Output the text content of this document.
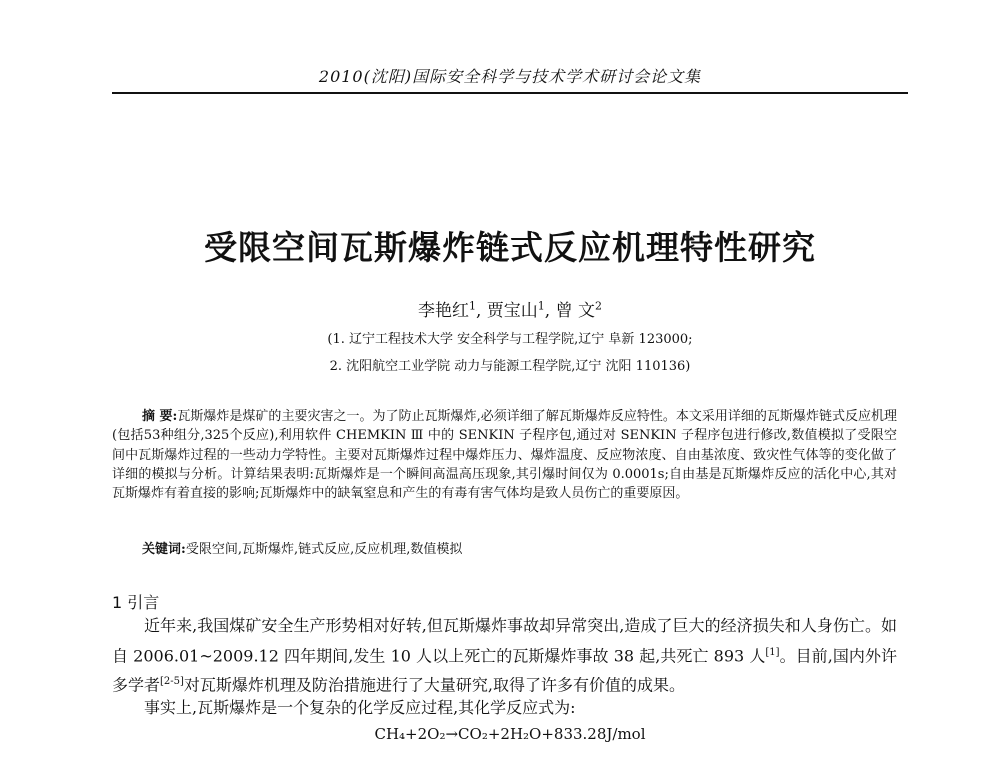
2010(沈阳)国际安全科学与技术学术研讨会论文集
受限空间瓦斯爆炸链式反应机理特性研究
李艳红$^1$, 贾宝山$^1$, 曾 文$^2$
(1. 辽宁工程技术大学 安全科学与工程学院,辽宁 阜新 123000;
2. 沈阳航空工业学院 动力与能源工程学院,辽宁 沈阳 110136)
摘 要:瓦斯爆炸是煤矿的主要灾害之一。为了防止瓦斯爆炸,必须详细了解瓦斯爆炸反应特性。本文采用详细的瓦斯爆炸链式反应机理(包括53种组分,325个反应),利用软件 CHEMKIN Ⅲ 中的 SENKIN 子程序包,通过对 SENKIN 子程序包进行修改,数值模拟了受限空间中瓦斯爆炸过程的一些动力学特性。主要对瓦斯爆炸过程中爆炸压力、爆炸温度、反应物浓度、自由基浓度、致灾性气体等的变化做了详细的模拟与分析。计算结果表明:瓦斯爆炸是一个瞬间高温高压现象,其引爆时间仅为 0.0001s;自由基是瓦斯爆炸反应的活化中心,其对瓦斯爆炸有着直接的影响;瓦斯爆炸中的缺氧窒息和产生的有毒有害气体均是致人员伤亡的重要原因。
关键词:受限空间,瓦斯爆炸,链式反应,反应机理,数值模拟
1 引言
近年来,我国煤矿安全生产形势相对好转,但瓦斯爆炸事故却异常突出,造成了巨大的经济损失和人身伤亡。如自 2006.01~2009.12 四年期间,发生 10 人以上死亡的瓦斯爆炸事故 38 起,共死亡 893 人[1]。目前,国内外许多学者[2-5]对瓦斯爆炸机理及防治措施进行了大量研究,取得了许多有价值的成果。
事实上,瓦斯爆炸是一个复杂的化学反应过程,其化学反应式为:
CH₄+2O₂→CO₂+2H₂O+833.28J/mol
